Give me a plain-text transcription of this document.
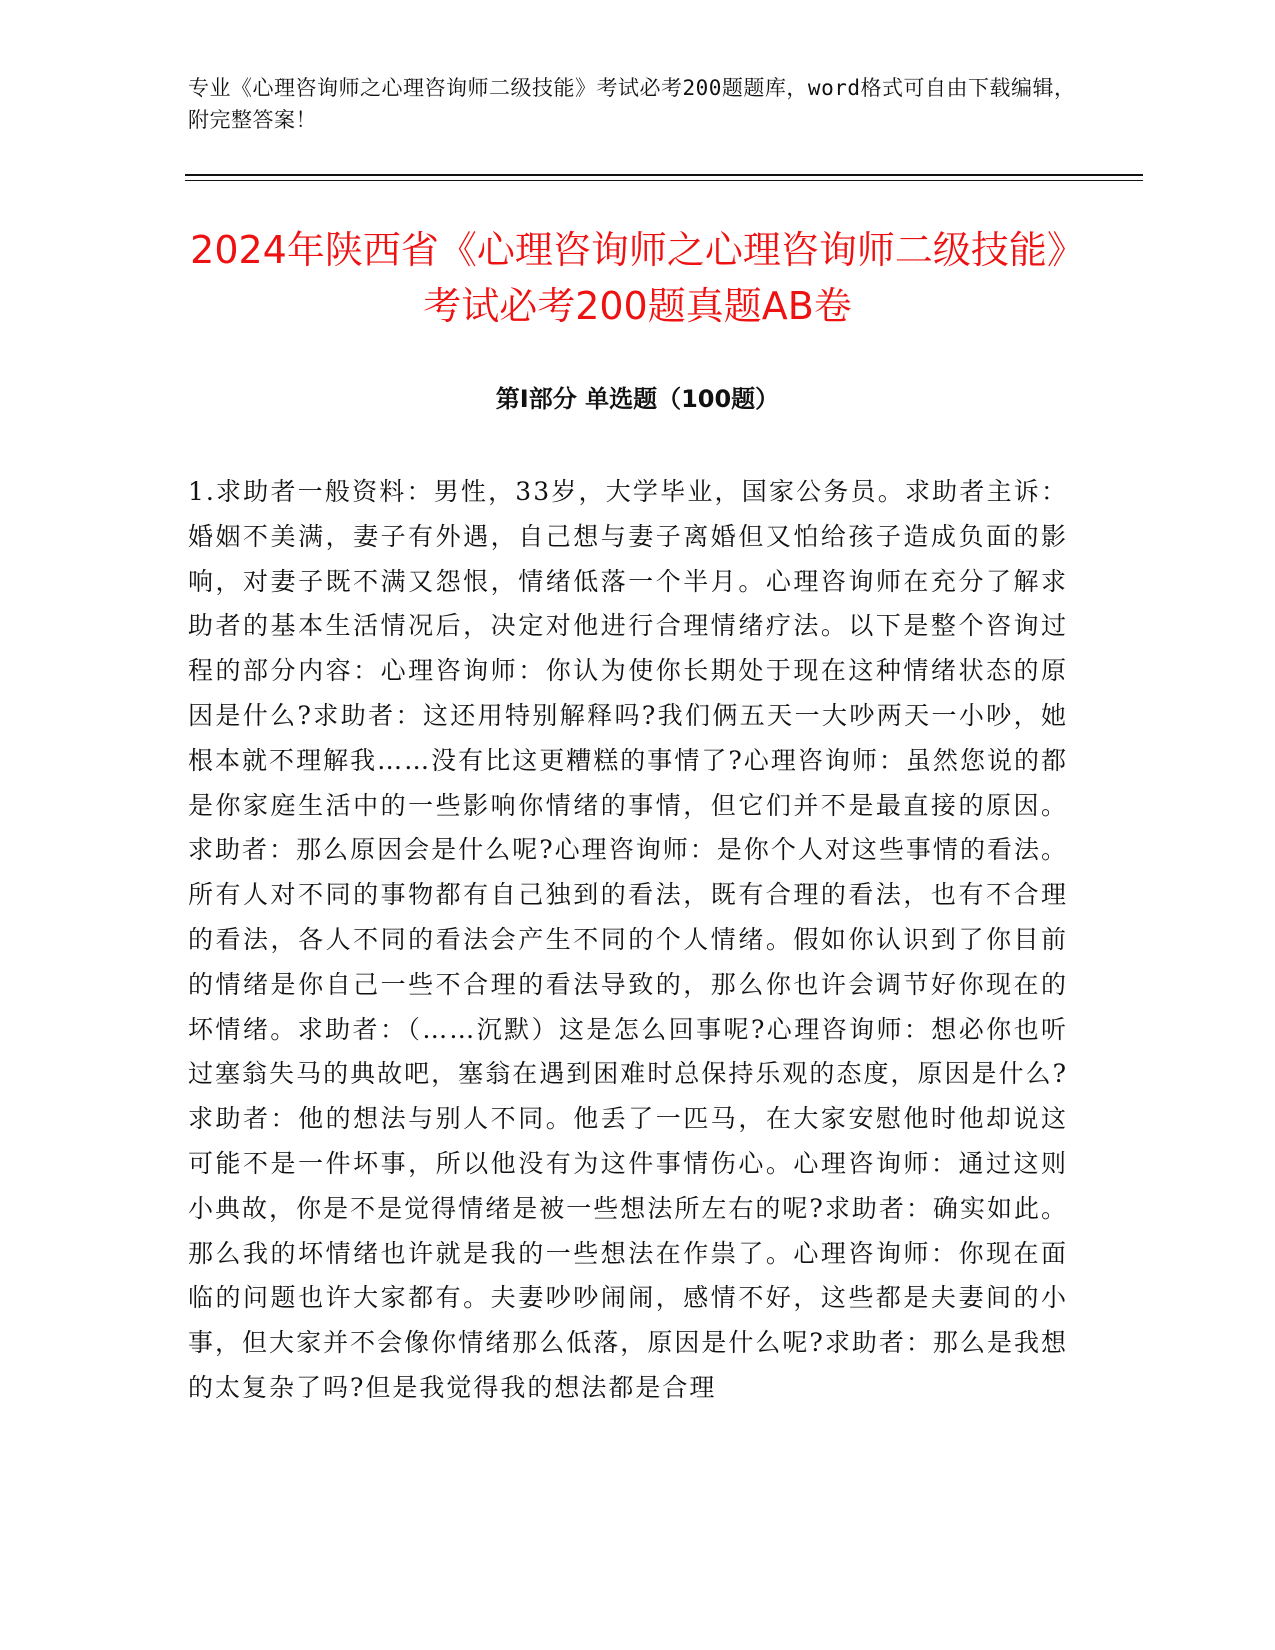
专业《心理咨询师之心理咨询师二级技能》考试必考200题题库，word格式可自由下载编辑，附完整答案！
2024年陕西省《心理咨询师之心理咨询师二级技能》考试必考200题真题AB卷
第Ⅰ部分 单选题（100题）

1.求助者一般资料：男性，33岁，大学毕业，国家公务员。求助者主诉：婚姻不美满，妻子有外遇，自己想与妻子离婚但又怕给孩子造成负面的影响，对妻子既不满又怨恨，情绪低落一个半月。心理咨询师在充分了解求助者的基本生活情况后，决定对他进行合理情绪疗法。以下是整个咨询过程的部分内容：心理咨询师：你认为使你长期处于现在这种情绪状态的原因是什么?求助者：这还用特别解释吗?我们俩五天一大吵两天一小吵，她根本就不理解我……没有比这更糟糕的事情了?心理咨询师：虽然您说的都是你家庭生活中的一些影响你情绪的事情，但它们并不是最直接的原因。求助者：那么原因会是什么呢?心理咨询师：是你个人对这些事情的看法。所有人对不同的事物都有自己独到的看法，既有合理的看法，也有不合理的看法，各人不同的看法会产生不同的个人情绪。假如你认识到了你目前的情绪是你自己一些不合理的看法导致的，那么你也许会调节好你现在的坏情绪。求助者：（……沉默）这是怎么回事呢?心理咨询师：想必你也听过塞翁失马的典故吧，塞翁在遇到困难时总保持乐观的态度，原因是什么?求助者：他的想法与别人不同。他丢了一匹马，在大家安慰他时他却说这可能不是一件坏事，所以他没有为这件事情伤心。心理咨询师：通过这则小典故，你是不是觉得情绪是被一些想法所左右的呢?求助者：确实如此。那么我的坏情绪也许就是我的一些想法在作祟了。心理咨询师：你现在面临的问题也许大家都有。夫妻吵吵闹闹，感情不好，这些都是夫妻间的小事，但大家并不会像你情绪那么低落，原因是什么呢?求助者：那么是我想的太复杂了吗?但是我觉得我的想法都是合理
